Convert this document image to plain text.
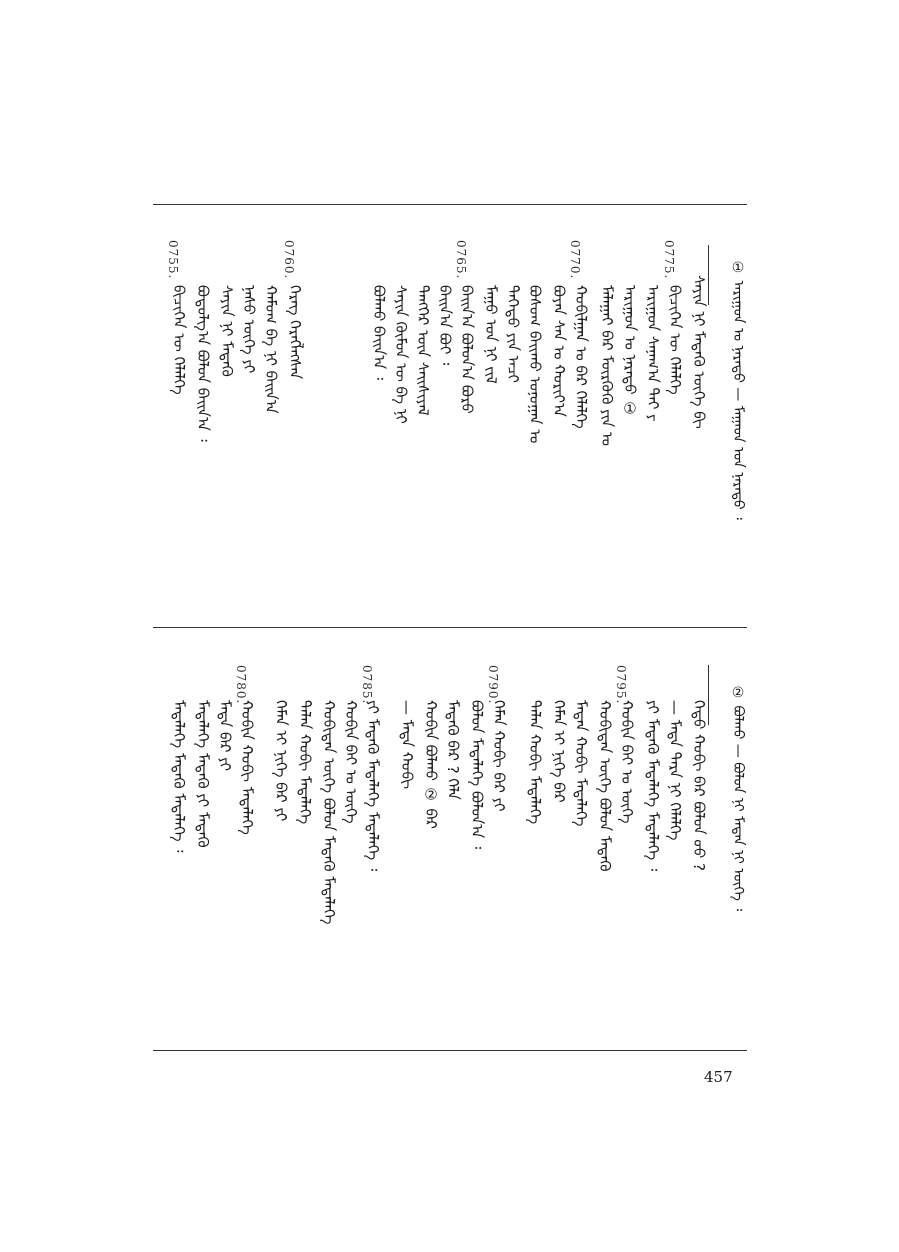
① ᠠᠷᠢᠭᠤᠨ ᠤ ᠨᠡᠷᠡᠲᠦ — ᠮᠠᠭᠠᠳ ᠤᠨ ᠨᠡᠷᠡᠲᠦ ᠄
ᠰᠠᠶᠢᠨ ᠨᠢ ᠮᠡᠳᠡᠬᠦ ᠦᠭᠡ ᠪᠢ
0775.
ᠪᠢᠴᠢᠭᠡᠨ ᠦ ᠬᠡᠯᠡᠯᠭᠡ
ᠠᠷᠢᠭᠤᠨ ᠰᠠᠨᠠᠭ᠎ᠠ ᠲᠠᠢ ᠶ
ᠠᠷᠢᠭᠤᠨ ᠤ ᠨᠡᠷᠡᠲᠦ ①
ᠮᠠᠯᠠᠭᠠᠢ ᠪᠠᠷ ᠮᠥᠷᠭᠦᠬᠦ ᠶᠢᠨ ᠤ
0770.
ᠬᠤᠪᠢᠯᠭᠠᠨ ᠤ ᠪᠠᠷ ᠬᠡᠯᠡᠯᠭᠡ
ᠪᠤᠶᠠᠨ ᠰᠠᠨ ᠤ ᠬᠤᠷᠢᠶ᠎ᠠ
ᠪᠤᠰᠤᠭ ᠪᠠᠢᠬᠤ ᠣᠨᠤᠭᠠᠨ ᠤ
ᠳᠡᠭᠡᠳᠦ ᠶᠢᠨ ᠠᠴᠢ
ᠮᠠᠭᠤ ᠤᠨ ᠨᠢ ᠵᠢᠯ
0765.
ᠪᠠᠢᠨ᠎ᠠ ᠪᠤᠯᠤᠨ᠎ᠠ ᠪᠤᠷᠤ
ᠪᠠᠢᠨ᠎ᠠ ᠪᠤᠢ ᠄
ᠲᠡᠩᠭᠡᠷ ᠦᠨ ᠰᠠᠢᠰᠢᠶᠠᠯ
ᠰᠠᠶᠢᠨ ᠬᠦᠮᠦᠨ ᠦ ᠪᠡ ᠨᠢ
ᠪᠤᠯᠬᠤ ᠪᠠᠢᠨ᠎ᠠ ᠄
0760.
ᠬᠡᠷᠡᠭ ᠬᠡᠷᠡᠭᠯᠡᠭᠰᠡᠨ
ᠬᠠᠮᠤᠭ ᠪᠠ ᠨᠢ ᠪᠠᠢᠨ᠎ᠠ
ᠨᠠᠰᠤ ᠦᠭᠡ ᠶᠢ
ᠰᠠᠶᠢᠨ ᠨᠢ ᠮᠡᠳᠡᠬᠦ
ᠪᠤᠳᠤᠯᠭ᠎ᠠ ᠪᠤᠯᠤᠨ ᠪᠠᠢᠨ᠎ᠠ ᠄
0755.
ᠪᠢᠴᠢᠭᠡᠨ ᠦ ᠬᠡᠯᠡᠯᠭᠡ
② ᠪᠤᠯᠬᠤ — ᠪᠤᠯᠤᠨ ᠨᠢ ᠮᠡᠳᠡᠨ ᠨᠢ ᠦᠭᠡ ᠄
ᠬᠡᠳᠦ ᠬᠤᠪᠢ ᠪᠠᠷ ᠪᠣᠯᠤᠨ ᠤᠤ ?
— ᠮᠡᠳᠡ ᠲᠡᠷᠡ ᠨᠢ ᠬᠡᠯᠡᠯᠭᠡ
ᠶᠢ ᠮᠡᠳᠡᠬᠦ ᠮᠡᠳᠡᠯᠡᠭᠡ ᠮᠡᠳᠡᠯᠡᠭᠡ ᠄
0795.
ᠬᠤᠪᠢᠨ ᠪᠠᠢ ᠤ ᠦᠭᠡ
ᠬᠤᠪᠢᠲᠠᠨ ᠦᠭᠡ ᠪᠤᠯᠤᠨ ᠮᠡᠳᠡᠬᠦ
ᠮᠡᠳᠡᠨ ᠬᠤᠪᠢ ᠮᠡᠳᠡᠯᠡᠭᠡ
ᠬᠡᠮᠡᠨ ᠢ ᠨᠢᠭᠡ ᠪᠠᠷ
ᠳᠡᠯᠡᠨ ᠬᠤᠪᠢ ᠮᠡᠳᠡᠯᠡᠭᠡ
0790.
ᠬᠡᠮᠡᠨ ᠬᠤᠪᠢ ᠪᠠᠷ ᠶᠢ
ᠪᠤᠯᠤᠨ ᠮᠡᠳᠡᠯᠡᠭᠡ ᠪᠤᠯᠤᠨ᠎ᠠ ᠄
ᠮᠡᠳᠡᠬᠦ ᠪᠠᠷ ? ᠬᠡᠯᠡ
ᠬᠤᠪᠢᠨ ᠪᠤᠯᠬᠤ ② ᠪᠠᠷ
— ᠮᠡᠳᠡ ᠬᠤᠪᠢ
0785.
ᠶᠢ ᠮᠡᠳᠡᠬᠦ ᠮᠡᠳᠡᠯᠡᠭᠡ ᠮᠡᠳᠡᠯᠡᠭᠡ ᠄
ᠬᠤᠪᠢᠨ ᠪᠠᠢ ᠤ ᠦᠭᠡ
ᠬᠤᠪᠢᠲᠠᠨ ᠦᠭᠡ ᠪᠤᠯᠤᠨ ᠮᠡᠳᠡᠬᠦ ᠮᠡᠳᠡᠯᠡᠭᠡ
ᠳᠡᠯᠡᠨ ᠬᠤᠪᠢ ᠮᠡᠳᠡᠯᠡᠭᠡ
ᠬᠡᠮᠡᠨ ᠢ ᠨᠢᠭᠡ ᠪᠠᠷ ᠶᠢ
0780.
ᠬᠤᠪᠢᠨ ᠬᠤᠪᠢ ᠮᠡᠳᠡᠯᠡᠭᠡ
ᠮᠡᠳᠡ ᠪᠠᠷ ᠶᠢ
ᠮᠡᠳᠡᠯᠡᠭᠡ ᠮᠡᠳᠡᠬᠦ ᠶᠢ ᠮᠡᠳᠡᠬᠦ
ᠮᠡᠳᠡᠯᠡᠭᠡ ᠮᠡᠳᠡᠬᠦ ᠮᠡᠳᠡᠯᠡᠭᠡ ᠄
457
